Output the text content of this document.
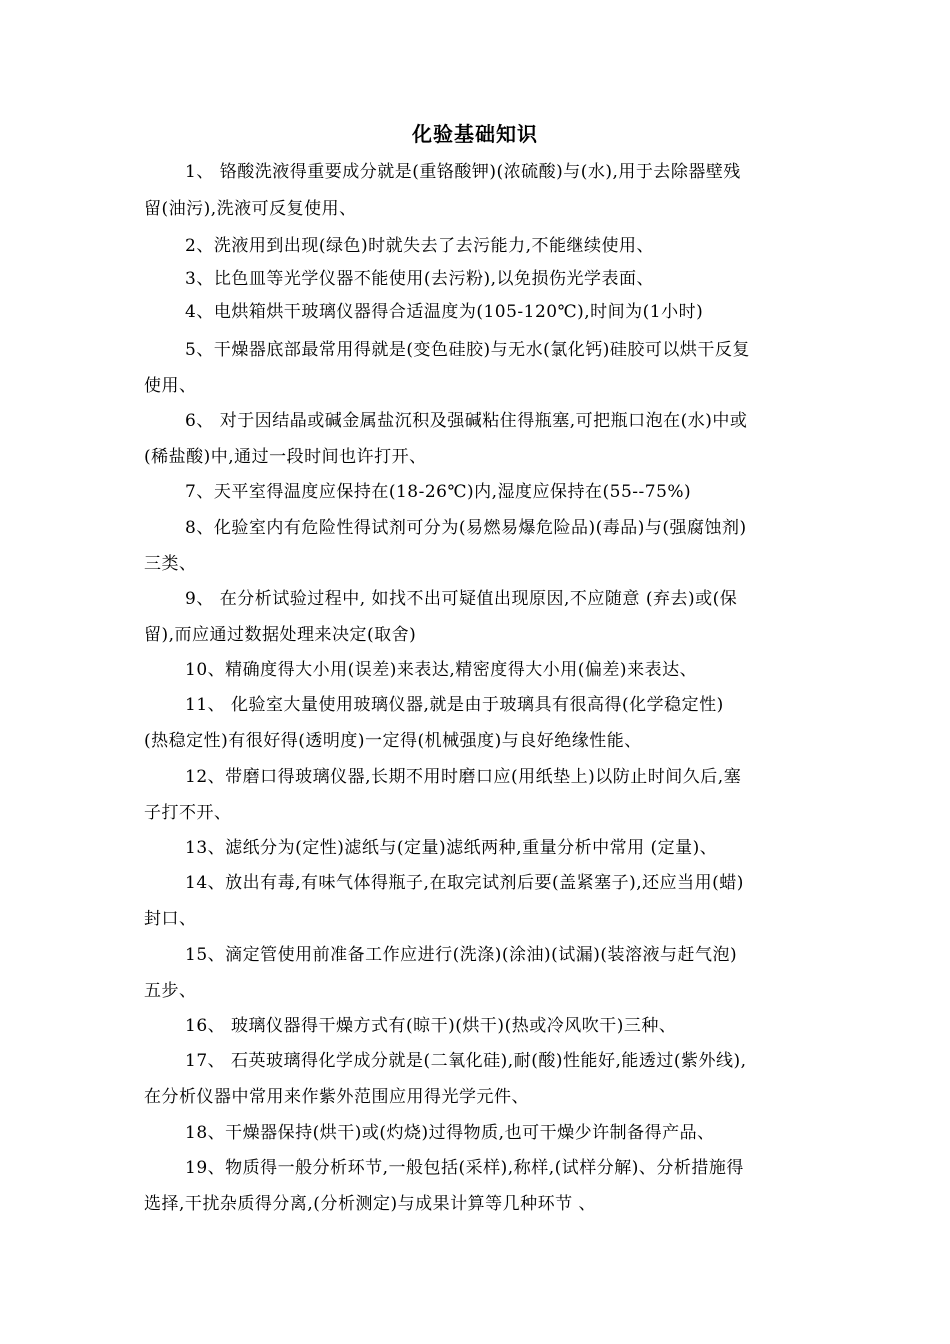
化验基础知识

1、 铬酸洗液得重要成分就是(重铬酸钾)(浓硫酸)与(水),用于去除器壁残

留(油污),洗液可反复使用、

2、洗液用到出现(绿色)时就失去了去污能力,不能继续使用、

3、比色皿等光学仪器不能使用(去污粉),以免损伤光学表面、

4、电烘箱烘干玻璃仪器得合适温度为(105-120℃),时间为(1小时)

5、干燥器底部最常用得就是(变色硅胶)与无水(氯化钙)硅胶可以烘干反复

使用、

6、 对于因结晶或碱金属盐沉积及强碱粘住得瓶塞,可把瓶口泡在(水)中或

(稀盐酸)中,通过一段时间也许打开、

7、天平室得温度应保持在(18-26℃)内,湿度应保持在(55--75%)

8、化验室内有危险性得试剂可分为(易燃易爆危险品)(毒品)与(强腐蚀剂)

三类、

9、 在分析试验过程中, 如找不出可疑值出现原因,不应随意 (弃去)或(保

留),而应通过数据处理来决定(取舍)

10、精确度得大小用(误差)来表达,精密度得大小用(偏差)来表达、

11、 化验室大量使用玻璃仪器,就是由于玻璃具有很高得(化学稳定性)

(热稳定性)有很好得(透明度)一定得(机械强度)与良好绝缘性能、

12、带磨口得玻璃仪器,长期不用时磨口应(用纸垫上)以防止时间久后,塞

子打不开、

13、滤纸分为(定性)滤纸与(定量)滤纸两种,重量分析中常用 (定量)、

14、放出有毒,有味气体得瓶子,在取完试剂后要(盖紧塞子),还应当用(蜡)

封口、

15、滴定管使用前准备工作应进行(洗涤)(涂油)(试漏)(装溶液与赶气泡)

五步、

16、 玻璃仪器得干燥方式有(晾干)(烘干)(热或冷风吹干)三种、

17、 石英玻璃得化学成分就是(二氧化硅),耐(酸)性能好,能透过(紫外线),

在分析仪器中常用来作紫外范围应用得光学元件、

18、干燥器保持(烘干)或(灼烧)过得物质,也可干燥少许制备得产品、

19、物质得一般分析环节,一般包括(采样),称样,(试样分解)、分析措施得

选择,干扰杂质得分离,(分析测定)与成果计算等几种环节 、
